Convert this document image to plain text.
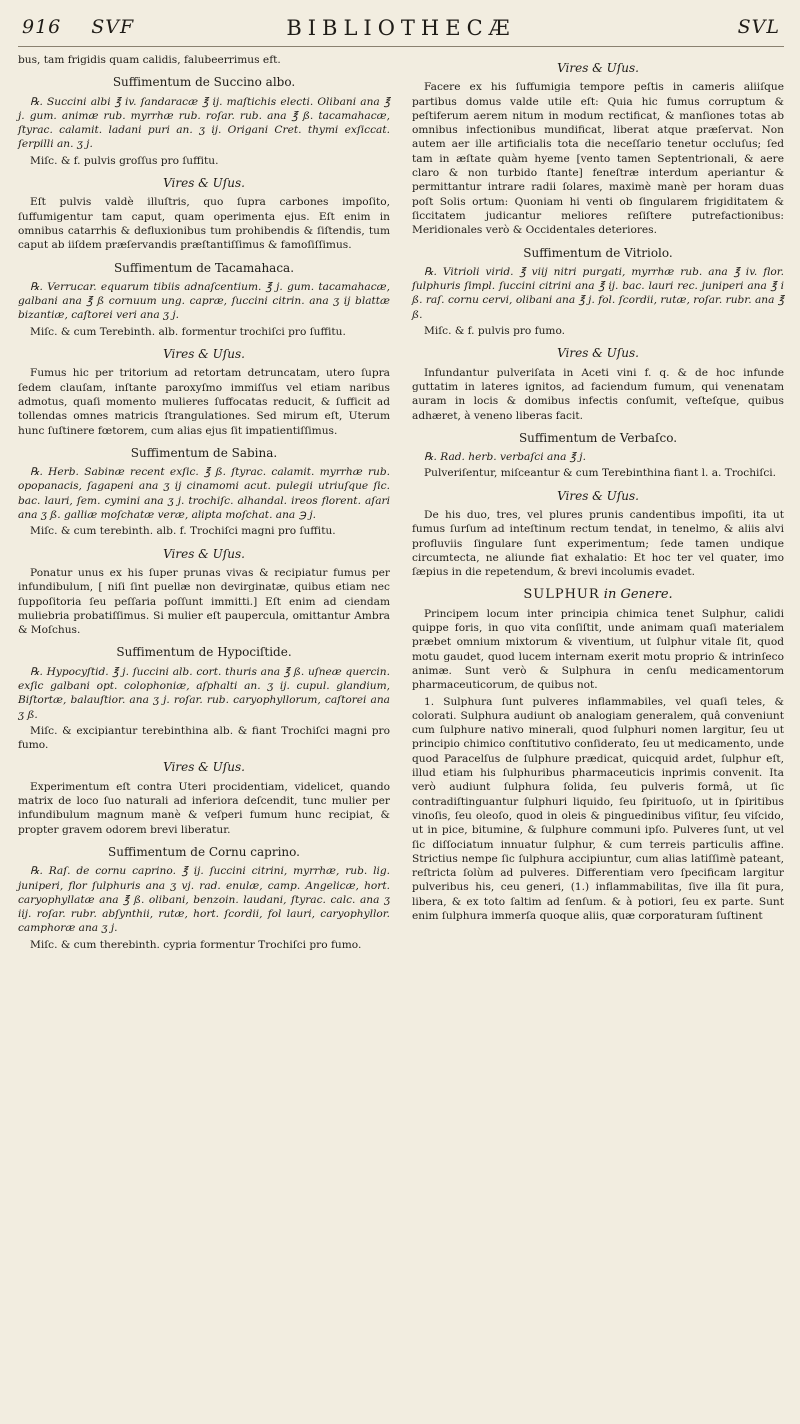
916 SVF	BIBLIOTHECÆ	SVL

bus, tam frigidis quam calidis, falubeerrimus eft.

Suffimentum de Succino albo.

℞. Succini albi ℥ iv. ſandaracæ ℥ ij. maſtichis electi. Olibani ana ℥ j. gum. animæ rub. myrrhæ rub. roſar. rub. ana ℥ ß. tacamahacæ, ſtyrac. calamit. ladani puri an. ʒ ij. Origani Cret. thymi exſiccat. ſerpilli an. ʒ j.

Miſc. & f. pulvis groſſus pro ſuffitu.

Vires & Uſus.

Eſt pulvis valdè illuſtris, quo ſupra carbones impoſito, ſuffumigentur tam caput, quam operimenta ejus. Eſt enim in omnibus catarrhis & defluxionibus tum prohibendis & ſiſtendis, tum caput ab iiſdem præſervandis præſtantiſſimus & famoſiſſimus.

Suffimentum de Tacamahaca.

℞. Verrucar. equarum tibiis adnaſcentium. ℥ j. gum. tacamahacæ, galbani ana ℥ ß cornuum ung. capræ, ſuccini citrin. ana ʒ ij blattæ bizantiæ, caſtorei veri ana ʒ j.

Miſc. & cum Terebinth. alb. formentur trochiſci pro ſuffitu.

Vires & Uſus.

Fumus hic per tritorium ad retortam detruncatam, utero ſupra ſedem clauſam, inſtante paroxyſmo immiſſus vel etiam naribus admotus, quaſi momento mulieres ſuffocatas reducit, & ſufficit ad tollendas omnes matricis ſtrangulationes. Sed mirum eſt, Uterum hunc ſuſtinere fœtorem, cum alias ejus ſit impatientiſſimus.

Suffimentum de Sabina.

℞. Herb. Sabinæ recent exſic. ℥ ß. ſtyrac. calamit. myrrhæ rub. opopanacis, ſagapeni ana ʒ ij cinamomi acut. pulegii utriuſque ſic. bac. lauri, ſem. cymini ana ʒ j. trochiſc. alhandal. ireos florent. aſari ana ʒ ß. galliæ moſchatæ veræ, alipta moſchat. ana ℈ j.

Miſc. & cum terebinth. alb. f. Trochiſci magni pro ſuffitu.

Vires & Uſus.

Ponatur unus ex his ſuper prunas vivas & recipiatur fumus per infundibulum, [ niſi ſint puellæ non devirginatæ, quibus etiam nec ſuppoſitoria ſeu peſſaria poſſunt immitti.] Eſt enim ad ciendam muliebria probatiſſimus. Si mulier eſt paupercula, omittantur Ambra & Moſchus.

Suffimentum de Hypociſtide.

℞. Hypocyſtid. ℥ j. ſuccini alb. cort. thuris ana ℥ ß. uſneæ quercin. exſic galbani opt. colophoniæ, aſphalti an. ʒ ij. cupul. glandium, Biſtortæ, balauſtior. ana ʒ j. roſar. rub. caryophyllorum, caſtorei ana ʒ ß.

Miſc. & excipiantur terebinthina alb. & fiant Trochiſci magni pro fumo.

Vires & Uſus.

Experimentum eſt contra Uteri procidentiam, videlicet, quando matrix de loco ſuo naturali ad inferiora deſcendit, tunc mulier per infundibulum magnum manè & veſperi fumum hunc recipiat, & propter gravem odorem brevi liberatur.

Suffimentum de Cornu caprino.

℞. Raſ. de cornu caprino. ℥ ij. ſuccini citrini, myrrhæ, rub. lig. juniperi, flor ſulphuris ana ʒ vj. rad. enulæ, camp. Angelicæ, hort. caryophyllatæ ana ℥ ß. olibani, benzoin. laudani, ſtyrac. calc. ana ʒ iij. roſar. rubr. abſynthii, rutæ, hort. ſcordii, fol lauri, caryophyllor. camphoræ ana ʒ j.

Miſc. & cum therebinth. cypria formentur Trochiſci pro fumo.

Vires & Uſus.

Facere ex his ſuffumigia tempore peſtis in cameris aliiſque partibus domus valde utile eſt: Quia hic fumus corruptum & peſtiferum aerem nitum in modum rectificat, & manſiones totas ab omnibus infectionibus mundificat, liberat atque præſervat. Non autem aer ille artificialis tota die neceſſario tenetur occluſus; ſed tam in æſtate quàm hyeme [vento tamen Septentrionali, & aere claro & non turbido ſtante] feneſtræ interdum aperiantur & permittantur intrare radii ſolares, maximè manè per horam duas poſt Solis ortum: Quoniam hi venti ob ſingularem frigiditatem & ſiccitatem judicantur meliores reſiſtere putrefactionibus: Meridionales verò & Occidentales deteriores.

Suffimentum de Vitriolo.

℞. Vitrioli virid. ℥ viij nitri purgati, myrrhæ rub. ana ℥ iv. flor. ſulphuris ſimpl. ſuccini citrini ana ℥ ij. bac. lauri rec. juniperi ana ℥ i ß. raſ. cornu cervi, olibani ana ℥ j. fol. ſcordii, rutæ, roſar. rubr. ana ℥ ß.

Miſc. & f. pulvis pro fumo.

Vires & Uſus.

Infundantur pulveriſata in Aceti vini f. q. & de hoc infunde guttatim in lateres ignitos, ad faciendum fumum, qui venenatam auram in locis & domibus infectis conſumit, veſteſque, quibus adhæret, à veneno liberas facit.

Suffimentum de Verbaſco.

℞. Rad. herb. verbaſci ana ℥ j.

Pulveriſentur, miſceantur & cum Terebinthina fiant l. a. Trochiſci.

Vires & Uſus.

De his duo, tres, vel plures prunis candentibus impoſiti, ita ut fumus ſurſum ad inteſtinum rectum tendat, in tenelmo, & aliis alvi profluviis ſingulare ſunt experimentum; ſede tamen undique circumtecta, ne aliunde fiat exhalatio: Et hoc ter vel quater, imo ſæpius in die repetendum, & brevi incolumis evadet.

SULPHUR in Genere.

Principem locum inter principia chimica tenet Sulphur, calidi quippe foris, in quo vita conſiſtit, unde animam quaſi materialem præbet omnium mixtorum & viventium, ut ſulphur vitale ſit, quod motu gaudet, quod lucem internam exerit motu proprio & intrinſeco animæ. Sunt verò & Sulphura in cenſu medicamentorum pharmaceuticorum, de quibus not.

1. Sulphura ſunt pulveres inflammabiles, vel quaſi teles, & colorati. Sulphura audiunt ob analogiam generalem, quâ conveniunt cum ſulphure nativo minerali, quod ſulphuri nomen largitur, ſeu ut principio chimico conſtitutivo conſiderato, ſeu ut medicamento, unde quod Paracelſus de ſulphure prædicat, quicquid ardet, ſulphur eſt, illud etiam his ſulphuribus pharmaceuticis inprimis convenit. Ita verò audiunt ſulphura ſolida, ſeu pulveris formâ, ut ſic contradiſtinguantur ſulphuri liquido, ſeu ſpirituoſo, ut in ſpiritibus vinoſis, ſeu oleoſo, quod in oleis & pinguedinibus viſitur, ſeu viſcido, ut in pice, bitumine, & ſulphure communi ipſo. Pulveres ſunt, ut vel ſic diſſociatum innuatur ſulphur, & cum terreis particulis affine. Strictius nempe ſic ſulphura accipiuntur, cum alias latiſſimè pateant, reſtricta ſolùm ad pulveres. Differentiam vero ſpecificam largitur pulveribus his, ceu generi, (1.) inflammabilitas, ſive illa ſit pura, libera, & ex toto ſaltim ad ſenſum. & à potiori, ſeu ex parte. Sunt enim ſulphura immerſa quoque aliis, quæ corporaturam ſuſtinent
